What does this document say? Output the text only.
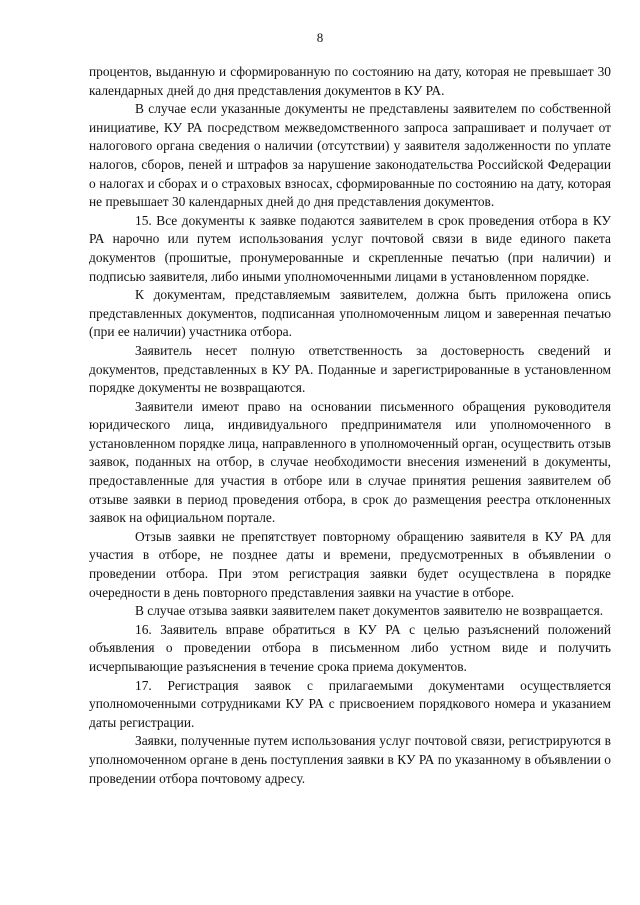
8

процентов, выданную и сформированную по состоянию на дату, которая не превышает 30 календарных дней до дня представления документов в КУ РА.

В случае если указанные документы не представлены заявителем по собственной инициативе, КУ РА посредством межведомственного запроса запрашивает и получает от налогового органа сведения о наличии (отсутствии) у заявителя задолженности по уплате налогов, сборов, пеней и штрафов за нарушение законодательства Российской Федерации о налогах и сборах и о страховых взносах, сформированные по состоянию на дату, которая не превышает 30 календарных дней до дня представления документов.

15. Все документы к заявке подаются заявителем в срок проведения отбора в КУ РА нарочно или путем использования услуг почтовой связи в виде единого пакета документов (прошитые, пронумерованные и скрепленные печатью (при наличии) и подписью заявителя, либо иными уполномоченными лицами в установленном порядке.

К документам, представляемым заявителем, должна быть приложена опись представленных документов, подписанная уполномоченным лицом и заверенная печатью (при ее наличии) участника отбора.

Заявитель несет полную ответственность за достоверность сведений и документов, представленных в КУ РА. Поданные и зарегистрированные в установленном порядке документы не возвращаются.

Заявители имеют право на основании письменного обращения руководителя юридического лица, индивидуального предпринимателя или уполномоченного в установленном порядке лица, направленного в уполномоченный орган, осуществить отзыв заявок, поданных на отбор, в случае необходимости внесения изменений в документы, предоставленные для участия в отборе или в случае принятия решения заявителем об отзыве заявки в период проведения отбора, в срок до размещения реестра отклоненных заявок на официальном портале.

Отзыв заявки не препятствует повторному обращению заявителя в КУ РА для участия в отборе, не позднее даты и времени, предусмотренных в объявлении о проведении отбора. При этом регистрация заявки будет осуществлена в порядке очередности в день повторного представления заявки на участие в отборе.

В случае отзыва заявки заявителем пакет документов заявителю не возвращается.

16. Заявитель вправе обратиться в КУ РА с целью разъяснений положений объявления о проведении отбора в письменном либо устном виде и получить исчерпывающие разъяснения в течение срока приема документов.

17. Регистрация заявок с прилагаемыми документами осуществляется уполномоченными сотрудниками КУ РА с присвоением порядкового номера и указанием даты регистрации.

Заявки, полученные путем использования услуг почтовой связи, регистрируются в уполномоченном органе в день поступления заявки в КУ РА по указанному в объявлении о проведении отбора почтовому адресу.
